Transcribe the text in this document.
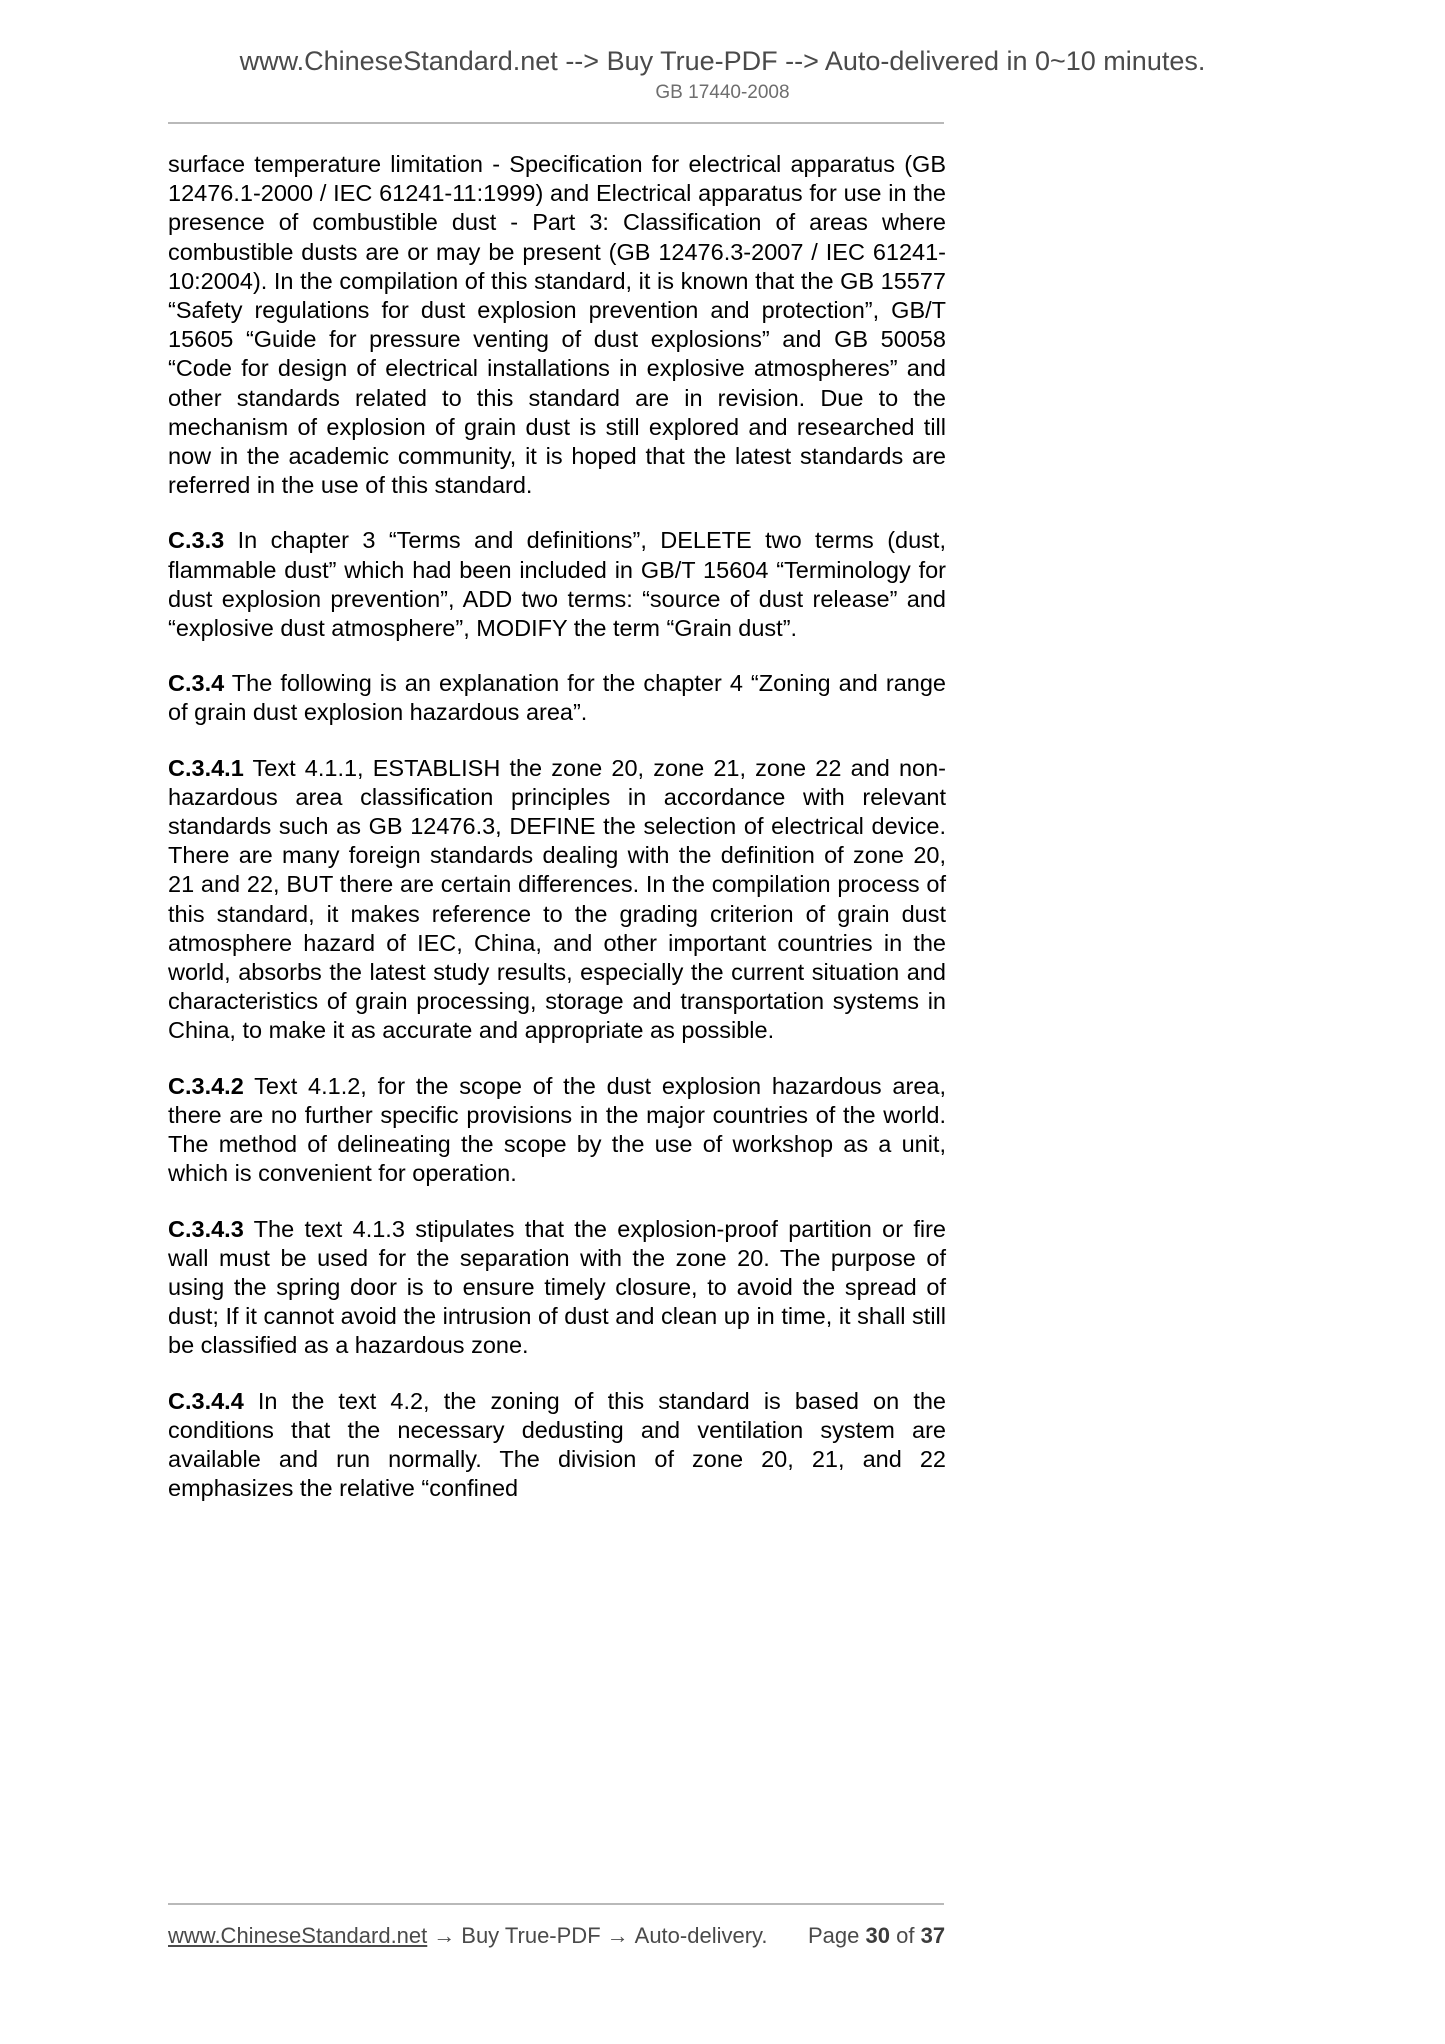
www.ChineseStandard.net --> Buy True-PDF --> Auto-delivered in 0~10 minutes.
GB 17440-2008

surface temperature limitation - Specification for electrical apparatus (GB 12476.1-2000 / IEC 61241-11:1999) and Electrical apparatus for use in the presence of combustible dust - Part 3: Classification of areas where combustible dusts are or may be present (GB 12476.3-2007 / IEC 61241-10:2004). In the compilation of this standard, it is known that the GB 15577 “Safety regulations for dust explosion prevention and protection”, GB/T 15605 “Guide for pressure venting of dust explosions” and GB 50058 “Code for design of electrical installations in explosive atmospheres” and other standards related to this standard are in revision. Due to the mechanism of explosion of grain dust is still explored and researched till now in the academic community, it is hoped that the latest standards are referred in the use of this standard.

C.3.3 In chapter 3 “Terms and definitions”, DELETE two terms (dust, flammable dust” which had been included in GB/T 15604 “Terminology for dust explosion prevention”, ADD two terms: “source of dust release” and “explosive dust atmosphere”, MODIFY the term “Grain dust”.

C.3.4 The following is an explanation for the chapter 4 “Zoning and range of grain dust explosion hazardous area”.

C.3.4.1 Text 4.1.1, ESTABLISH the zone 20, zone 21, zone 22 and non-hazardous area classification principles in accordance with relevant standards such as GB 12476.3, DEFINE the selection of electrical device. There are many foreign standards dealing with the definition of zone 20, 21 and 22, BUT there are certain differences. In the compilation process of this standard, it makes reference to the grading criterion of grain dust atmosphere hazard of IEC, China, and other important countries in the world, absorbs the latest study results, especially the current situation and characteristics of grain processing, storage and transportation systems in China, to make it as accurate and appropriate as possible.

C.3.4.2 Text 4.1.2, for the scope of the dust explosion hazardous area, there are no further specific provisions in the major countries of the world. The method of delineating the scope by the use of workshop as a unit, which is convenient for operation.

C.3.4.3 The text 4.1.3 stipulates that the explosion-proof partition or fire wall must be used for the separation with the zone 20. The purpose of using the spring door is to ensure timely closure, to avoid the spread of dust; If it cannot avoid the intrusion of dust and clean up in time, it shall still be classified as a hazardous zone.

C.3.4.4 In the text 4.2, the zoning of this standard is based on the conditions that the necessary dedusting and ventilation system are available and run normally. The division of zone 20, 21, and 22 emphasizes the relative “confined

www.ChineseStandard.net → Buy True-PDF → Auto-delivery. Page 30 of 37
